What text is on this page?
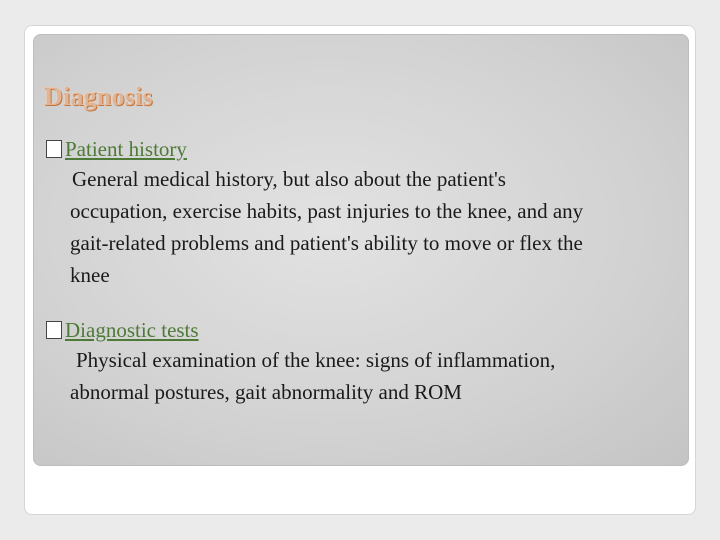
Diagnosis
Patient history
General medical history, but also about the patient's
occupation, exercise habits, past injuries to the knee, and any
gait-related problems and patient's ability to move or flex the
knee
Diagnostic tests
Physical examination of the knee: signs of inflammation,
abnormal postures, gait abnormality and ROM
